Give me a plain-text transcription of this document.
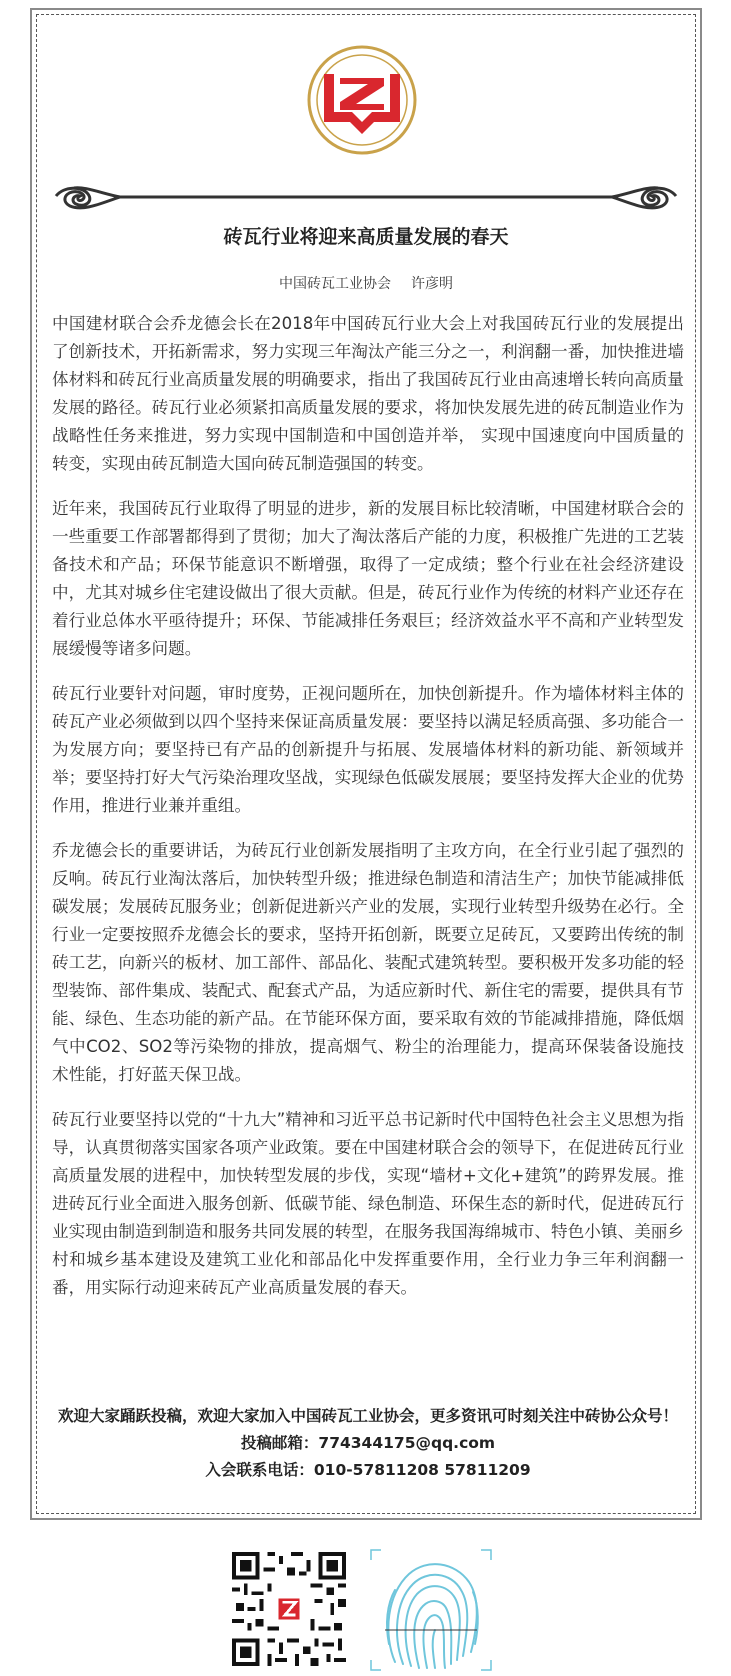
砖瓦行业将迎来高质量发展的春天
中国砖瓦工业协会 许彦明

中国建材联合会乔龙德会长在2018年中国砖瓦行业大会上对我国砖瓦行业的发展提出了创新技术，开拓新需求，努力实现三年淘汰产能三分之一，利润翻一番，加快推进墙体材料和砖瓦行业高质量发展的明确要求，指出了我国砖瓦行业由高速增长转向高质量发展的路径。砖瓦行业必须紧扣高质量发展的要求，将加快发展先进的砖瓦制造业作为战略性任务来推进，努力实现中国制造和中国创造并举， 实现中国速度向中国质量的转变，实现由砖瓦制造大国向砖瓦制造强国的转变。

近年来，我国砖瓦行业取得了明显的进步，新的发展目标比较清晰，中国建材联合会的一些重要工作部署都得到了贯彻；加大了淘汰落后产能的力度，积极推广先进的工艺装备技术和产品；环保节能意识不断增强，取得了一定成绩；整个行业在社会经济建设中，尤其对城乡住宅建设做出了很大贡献。但是，砖瓦行业作为传统的材料产业还存在着行业总体水平亟待提升；环保、节能减排任务艰巨；经济效益水平不高和产业转型发展缓慢等诸多问题。

砖瓦行业要针对问题，审时度势，正视问题所在，加快创新提升。作为墙体材料主体的砖瓦产业必须做到以四个坚持来保证高质量发展：要坚持以满足轻质高强、多功能合一为发展方向；要坚持已有产品的创新提升与拓展、发展墙体材料的新功能、新领域并举；要坚持打好大气污染治理攻坚战，实现绿色低碳发展展；要坚持发挥大企业的优势作用，推进行业兼并重组。

乔龙德会长的重要讲话，为砖瓦行业创新发展指明了主攻方向，在全行业引起了强烈的反响。砖瓦行业淘汰落后，加快转型升级；推进绿色制造和清洁生产；加快节能减排低碳发展；发展砖瓦服务业；创新促进新兴产业的发展，实现行业转型升级势在必行。全行业一定要按照乔龙德会长的要求，坚持开拓创新，既要立足砖瓦，又要跨出传统的制砖工艺，向新兴的板材、加工部件、部品化、装配式建筑转型。要积极开发多功能的轻型装饰、部件集成、装配式、配套式产品，为适应新时代、新住宅的需要，提供具有节能、绿色、生态功能的新产品。在节能环保方面，要采取有效的节能减排措施，降低烟气中CO2、SO2等污染物的排放，提高烟气、粉尘的治理能力，提高环保装备设施技术性能，打好蓝天保卫战。

砖瓦行业要坚持以党的“十九大”精神和习近平总书记新时代中国特色社会主义思想为指导，认真贯彻落实国家各项产业政策。要在中国建材联合会的领导下，在促进砖瓦行业高质量发展的进程中，加快转型发展的步伐，实现“墙材+文化+建筑”的跨界发展。推进砖瓦行业全面进入服务创新、低碳节能、绿色制造、环保生态的新时代，促进砖瓦行业实现由制造到制造和服务共同发展的转型，在服务我国海绵城市、特色小镇、美丽乡村和城乡基本建设及建筑工业化和部品化中发挥重要作用，全行业力争三年利润翻一番，用实际行动迎来砖瓦产业高质量发展的春天。

欢迎大家踊跃投稿，欢迎大家加入中国砖瓦工业协会，更多资讯可时刻关注中砖协公众号！
投稿邮箱：774344175@qq.com
入会联系电话：010-57811208 57811209
